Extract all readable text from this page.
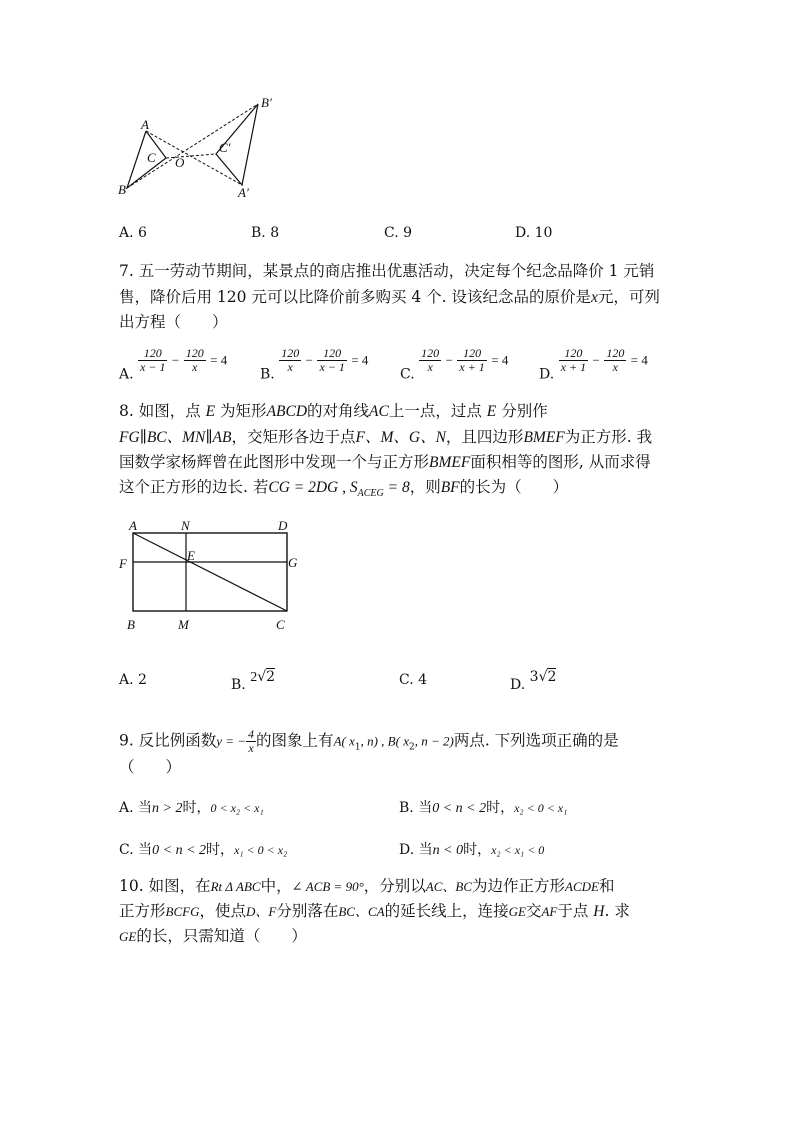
A
B
C O
B′
A′
C′
A. 6	B. 8	C. 9	D. 10
7. 五一劳动节期间，某景点的商店推出优惠活动，决定每个纪念品降价 1 元销
售，降价后用 120 元可以比降价前多购买 4 个. 设该纪念品的原价是x元，可列
出方程（　　）
A.
$\frac{120}{x - 1} - \frac{120}{x} = 4$
B.
$\frac{120}{x} - \frac{120}{x - 1} = 4$
C.
$\frac{120}{x} - \frac{120}{x + 1} = 4$
D.
$\frac{120}{x + 1} - \frac{120}{x} = 4$
8. 如图，点 E 为矩形ABCD的对角线AC上一点，过点 E 分别作
FG∥BC、MN∥AB，交矩形各边于点F、M、G、N，且四边形BMEF为正方形. 我
国数学家杨辉曾在此图形中发现一个与正方形BMEF面积相等的图形, 从而求得
这个正方形的边长. 若CG = 2DG , $S_{ACEG} = 8$，则BF的长为（　　）
A	N	D
F
E	G
B	M	C
A. 2	B. 2√2	C. 4	D. 3√2
9. 反比例函数y = − $\frac{4}{x}$ 的图象上有A( $x_1$, n) , B( $x_2$, n − 2)两点. 下列选项正确的是
（　　）
A. 当n > 2时，0 < x₂ < x₁	B. 当0 < n < 2时，x₂ < 0 < x₁
C. 当0 < n < 2时，x₁ < 0 < x₂	D. 当n < 0时，x₂ < x₁ < 0
10. 如图，在Rt Δ ABC中，∠ ACB = 90°，分别以AC、BC为边作正方形ACDE和
正方形BCFG，使点D、F分别落在BC、CA的延长线上，连接GE交AF于点 H. 求
GE的长，只需知道（　　）
